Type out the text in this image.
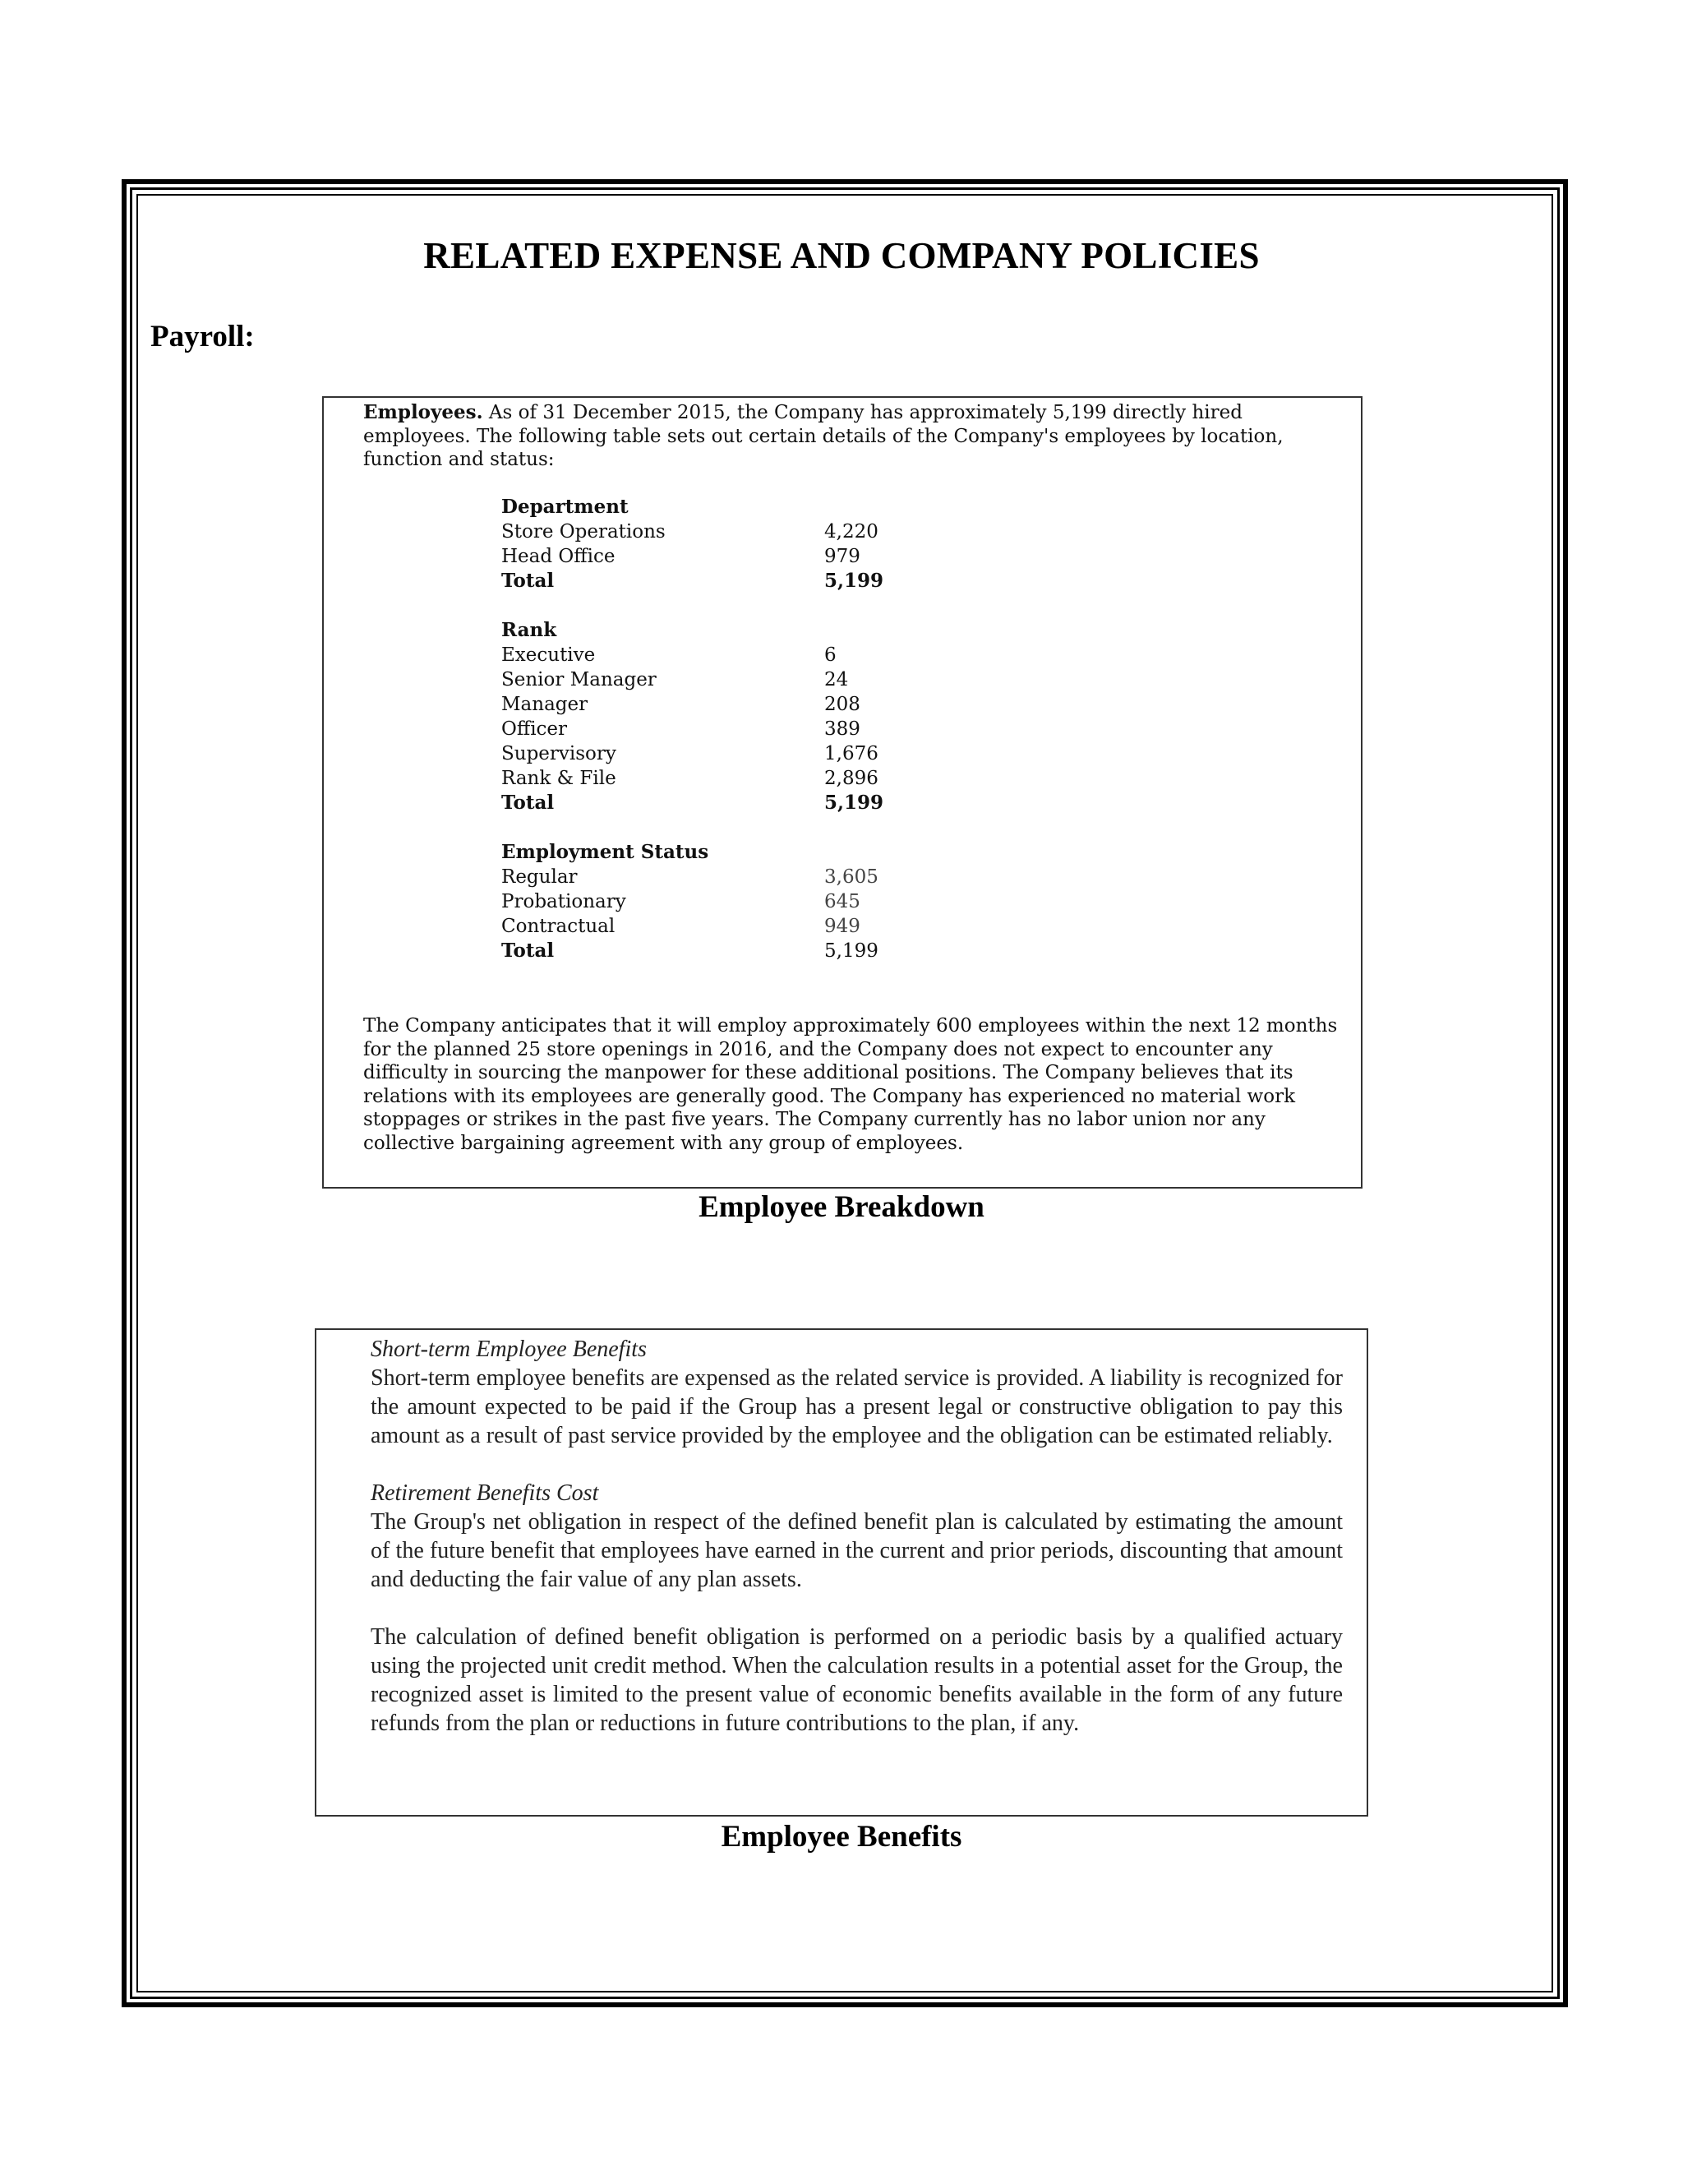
RELATED EXPENSE AND COMPANY POLICIES
Payroll:
Employees. As of 31 December 2015, the Company has approximately 5,199 directly hired employees. The following table sets out certain details of the Company's employees by location, function and status:
Department
Store Operations	4,220
Head Office	979
Total	5,199
Rank
Executive	6
Senior Manager	24
Manager	208
Officer	389
Supervisory	1,676
Rank & File	2,896
Total	5,199
Employment Status
Regular	3,605
Probationary	645
Contractual	949
Total	5,199
The Company anticipates that it will employ approximately 600 employees within the next 12 months for the planned 25 store openings in 2016, and the Company does not expect to encounter any difficulty in sourcing the manpower for these additional positions. The Company believes that its relations with its employees are generally good. The Company has experienced no material work stoppages or strikes in the past five years. The Company currently has no labor union nor any collective bargaining agreement with any group of employees.
Employee Breakdown

Short-term Employee Benefits

Short-term employee benefits are expensed as the related service is provided. A liability is recognized for the amount expected to be paid if the Group has a present legal or constructive obligation to pay this amount as a result of past service provided by the employee and the obligation can be estimated reliably.

Retirement Benefits Cost

The Group's net obligation in respect of the defined benefit plan is calculated by estimating the amount of the future benefit that employees have earned in the current and prior periods, discounting that amount and deducting the fair value of any plan assets.

The calculation of defined benefit obligation is performed on a periodic basis by a qualified actuary using the projected unit credit method. When the calculation results in a potential asset for the Group, the recognized asset is limited to the present value of economic benefits available in the form of any future refunds from the plan or reductions in future contributions to the plan, if any.

Employee Benefits
